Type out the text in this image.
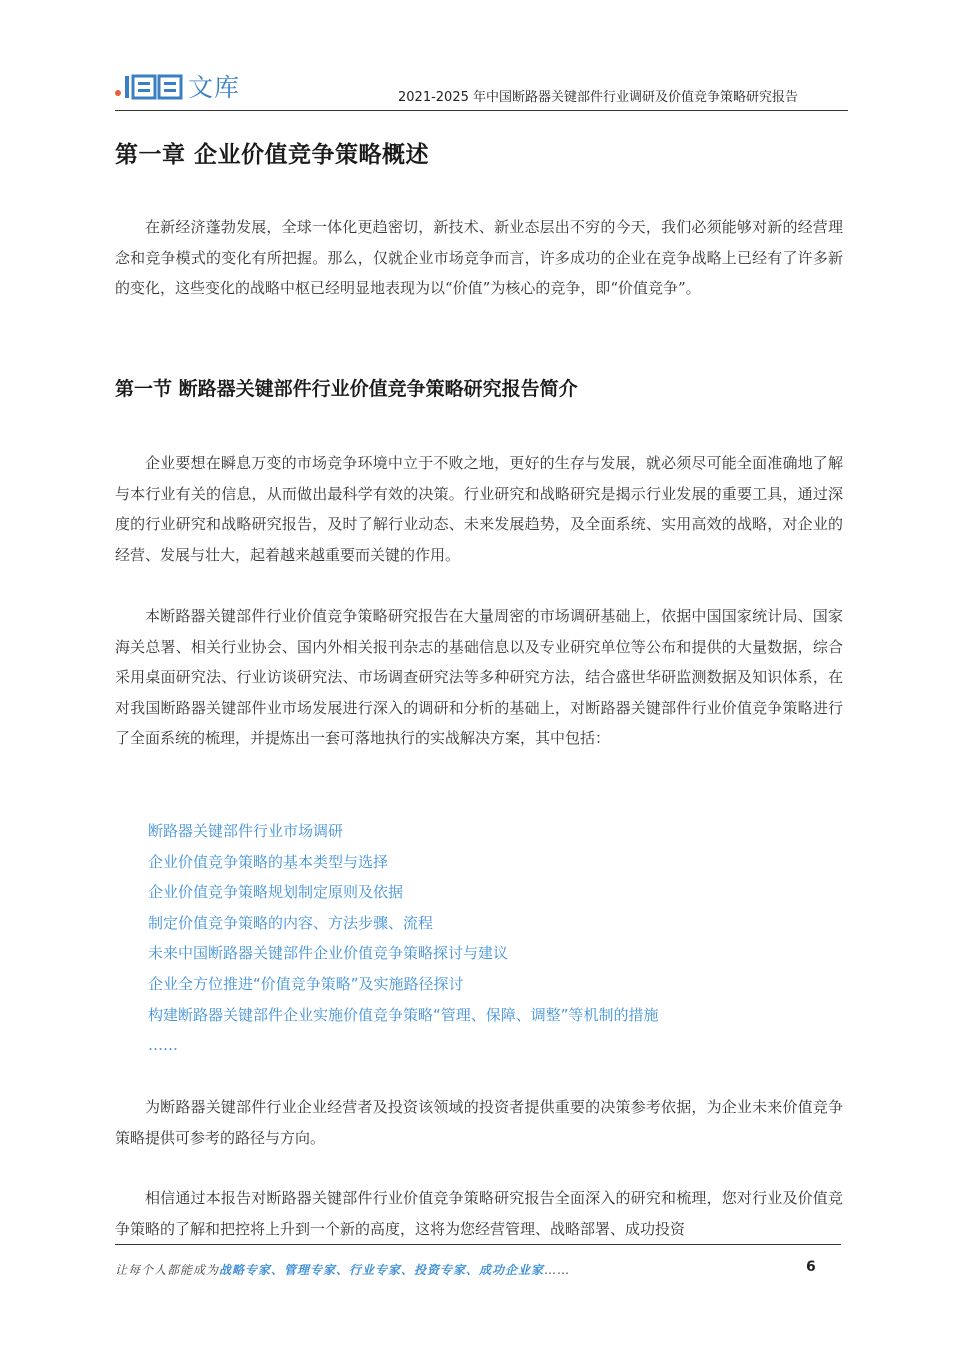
文库	2021-2025 年中国断路器关键部件行业调研及价值竞争策略研究报告
第一章 企业价值竞争策略概述

在新经济蓬勃发展，全球一体化更趋密切，新技术、新业态层出不穷的今天，我们必须能够对新的经营理念和竞争模式的变化有所把握。那么，仅就企业市场竞争而言，许多成功的企业在竞争战略上已经有了许多新的变化，这些变化的战略中枢已经明显地表现为以“价值”为核心的竞争，即“价值竞争”。

第一节 断路器关键部件行业价值竞争策略研究报告简介

企业要想在瞬息万变的市场竞争环境中立于不败之地，更好的生存与发展，就必须尽可能全面准确地了解与本行业有关的信息，从而做出最科学有效的决策。行业研究和战略研究是揭示行业发展的重要工具，通过深度的行业研究和战略研究报告，及时了解行业动态、未来发展趋势，及全面系统、实用高效的战略，对企业的经营、发展与壮大，起着越来越重要而关键的作用。

本断路器关键部件行业价值竞争策略研究报告在大量周密的市场调研基础上，依据中国国家统计局、国家海关总署、相关行业协会、国内外相关报刊杂志的基础信息以及专业研究单位等公布和提供的大量数据，综合采用桌面研究法、行业访谈研究法、市场调查研究法等多种研究方法，结合盛世华研监测数据及知识体系，在对我国断路器关键部件业市场发展进行深入的调研和分析的基础上，对断路器关键部件行业价值竞争策略进行了全面系统的梳理，并提炼出一套可落地执行的实战解决方案，其中包括：

断路器关键部件行业市场调研
企业价值竞争策略的基本类型与选择
企业价值竞争策略规划制定原则及依据
制定价值竞争策略的内容、方法步骤、流程
未来中国断路器关键部件企业价值竞争策略探讨与建议
企业全方位推进“价值竞争策略”及实施路径探讨
构建断路器关键部件企业实施价值竞争策略“管理、保障、调整”等机制的措施
……

为断路器关键部件行业企业经营者及投资该领域的投资者提供重要的决策参考依据，为企业未来价值竞争策略提供可参考的路径与方向。

相信通过本报告对断路器关键部件行业价值竞争策略研究报告全面深入的研究和梳理，您对行业及价值竞争策略的了解和把控将上升到一个新的高度，这将为您经营管理、战略部署、成功投资

让每个人都能成为战略专家、管理专家、行业专家、投资专家、成功企业家……	6
